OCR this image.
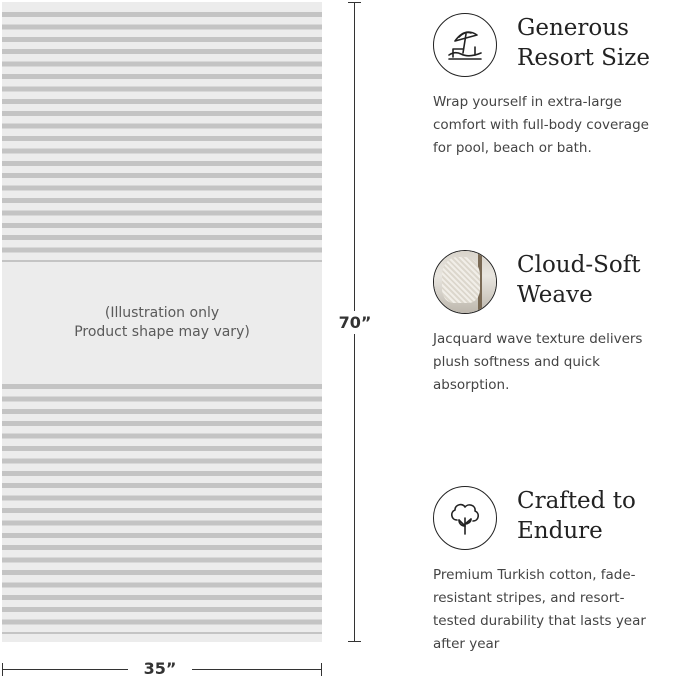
(Illustration only
Product shape may vary)	70”
35”
Generous
Resort Size
Wrap yourself in extra-large
comfort with full-body coverage
for pool, beach or bath.
Cloud-Soft
Weave
Jacquard wave texture delivers
plush softness and quick
absorption.
Crafted to
Endure
Premium Turkish cotton, fade-
resistant stripes, and resort-
tested durability that lasts year
after year
